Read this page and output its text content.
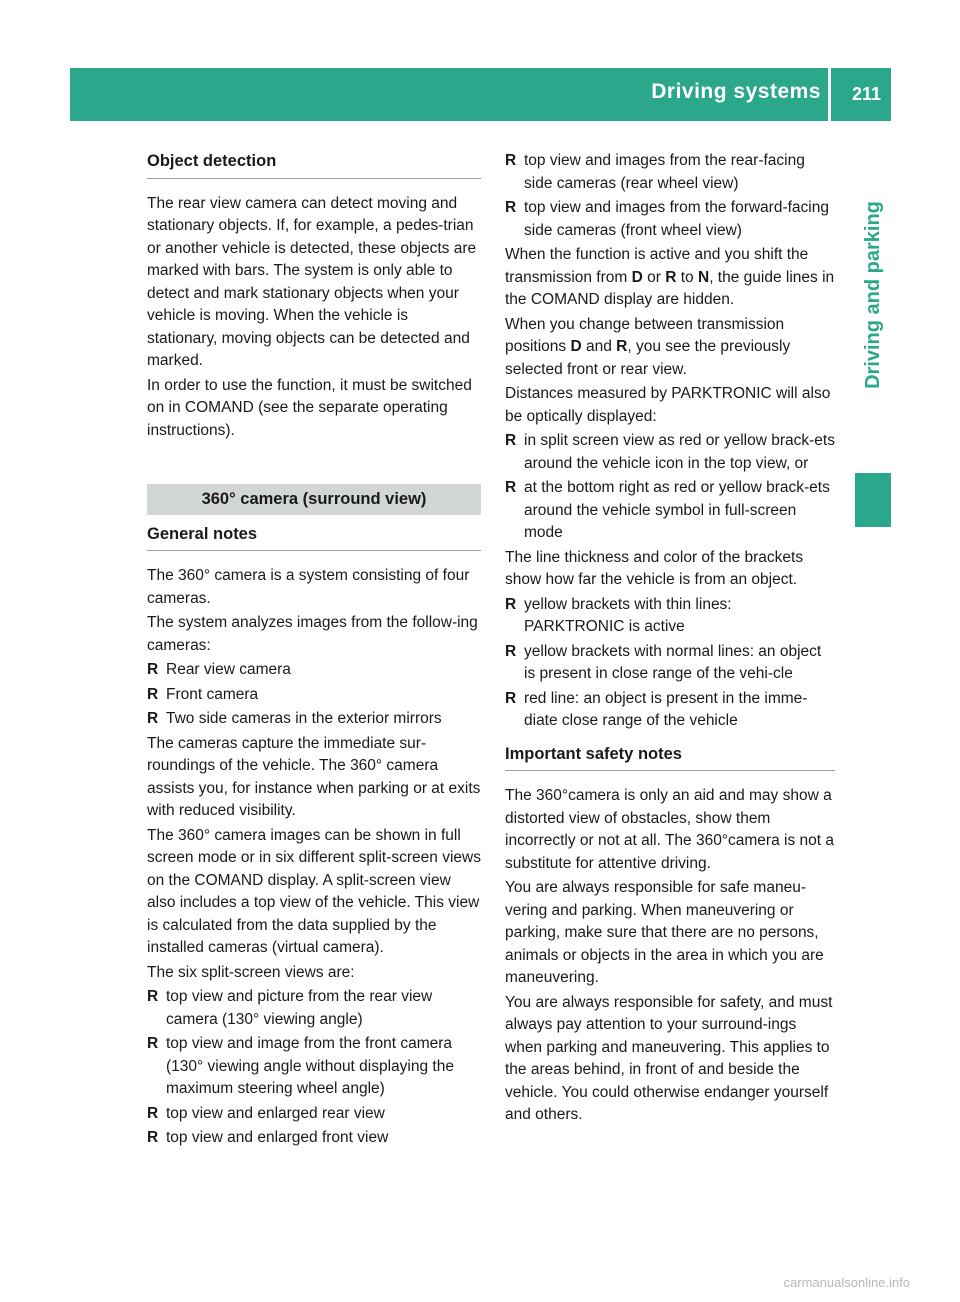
Driving systems 211
Driving and parking
Object detection

The rear view camera can detect moving and stationary objects. If, for example, a pedes-trian or another vehicle is detected, these objects are marked with bars. The system is only able to detect and mark stationary objects when your vehicle is moving. When the vehicle is stationary, moving objects can be detected and marked.

In order to use the function, it must be switched on in COMAND (see the separate operating instructions).

360° camera (surround view)
General notes

The 360° camera is a system consisting of four cameras.

The system analyzes images from the follow-ing cameras:

R Rear view camera
R Front camera
R Two side cameras in the exterior mirrors

The cameras capture the immediate sur-roundings of the vehicle. The 360° camera assists you, for instance when parking or at exits with reduced visibility.

The 360° camera images can be shown in full screen mode or in six different split-screen views on the COMAND display. A split-screen view also includes a top view of the vehicle. This view is calculated from the data supplied by the installed cameras (virtual camera).

The six split-screen views are:

R top view and picture from the rear view camera (130° viewing angle)
R top view and image from the front camera (130° viewing angle without displaying the maximum steering wheel angle)
R top view and enlarged rear view
R top view and enlarged front view
R top view and images from the rear-facing side cameras (rear wheel view)
R top view and images from the forward-facing side cameras (front wheel view)

When the function is active and you shift the transmission from D or R to N, the guide lines in the COMAND display are hidden.

When you change between transmission positions D and R, you see the previously selected front or rear view.

Distances measured by PARKTRONIC will also be optically displayed:

R in split screen view as red or yellow brack-ets around the vehicle icon in the top view, or
R at the bottom right as red or yellow brack-ets around the vehicle symbol in full-screen mode

The line thickness and color of the brackets show how far the vehicle is from an object.

R yellow brackets with thin lines: PARKTRONIC is active
R yellow brackets with normal lines: an object is present in close range of the vehi-cle
R red line: an object is present in the imme-diate close range of the vehicle
Important safety notes

The 360°camera is only an aid and may show a distorted view of obstacles, show them incorrectly or not at all. The 360°camera is not a substitute for attentive driving.

You are always responsible for safe maneu-vering and parking. When maneuvering or parking, make sure that there are no persons, animals or objects in the area in which you are maneuvering.

You are always responsible for safety, and must always pay attention to your surround-ings when parking and maneuvering. This applies to the areas behind, in front of and beside the vehicle. You could otherwise endanger yourself and others.

carmanualsonline.info
